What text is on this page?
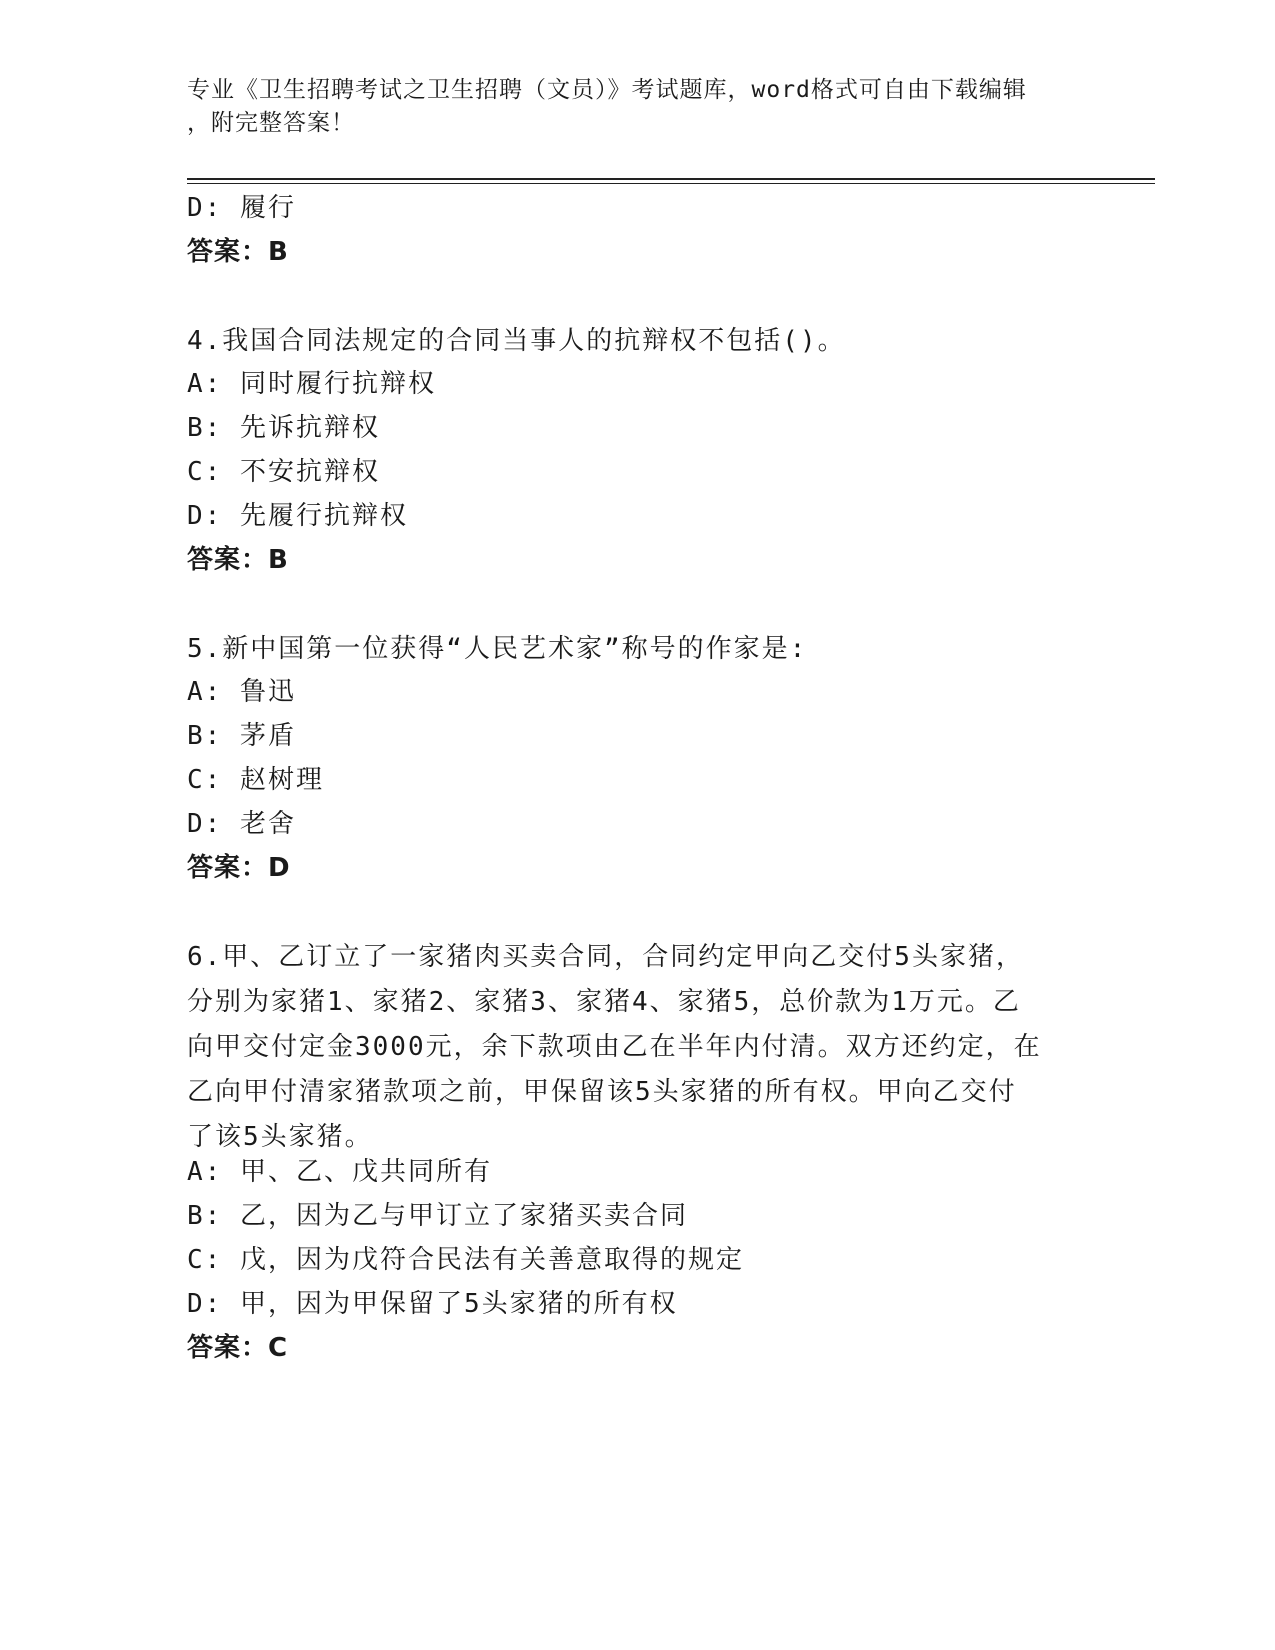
专业《卫生招聘考试之卫生招聘（文员）》考试题库，word格式可自由下载编辑
，附完整答案！
D: 履行
答案：B
4.我国合同法规定的合同当事人的抗辩权不包括()。
A: 同时履行抗辩权
B: 先诉抗辩权
C: 不安抗辩权
D: 先履行抗辩权
答案：B
5.新中国第一位获得“人民艺术家”称号的作家是:
A: 鲁迅
B: 茅盾
C: 赵树理
D: 老舍
答案：D
6.甲、乙订立了一家猪肉买卖合同，合同约定甲向乙交付5头家猪，
分别为家猪1、家猪2、家猪3、家猪4、家猪5，总价款为1万元。乙
向甲交付定金3000元，余下款项由乙在半年内付清。双方还约定，在
乙向甲付清家猪款项之前，甲保留该5头家猪的所有权。甲向乙交付
了该5头家猪。
A: 甲、乙、戊共同所有
B: 乙，因为乙与甲订立了家猪买卖合同
C: 戊，因为戊符合民法有关善意取得的规定
D: 甲，因为甲保留了5头家猪的所有权
答案：C
